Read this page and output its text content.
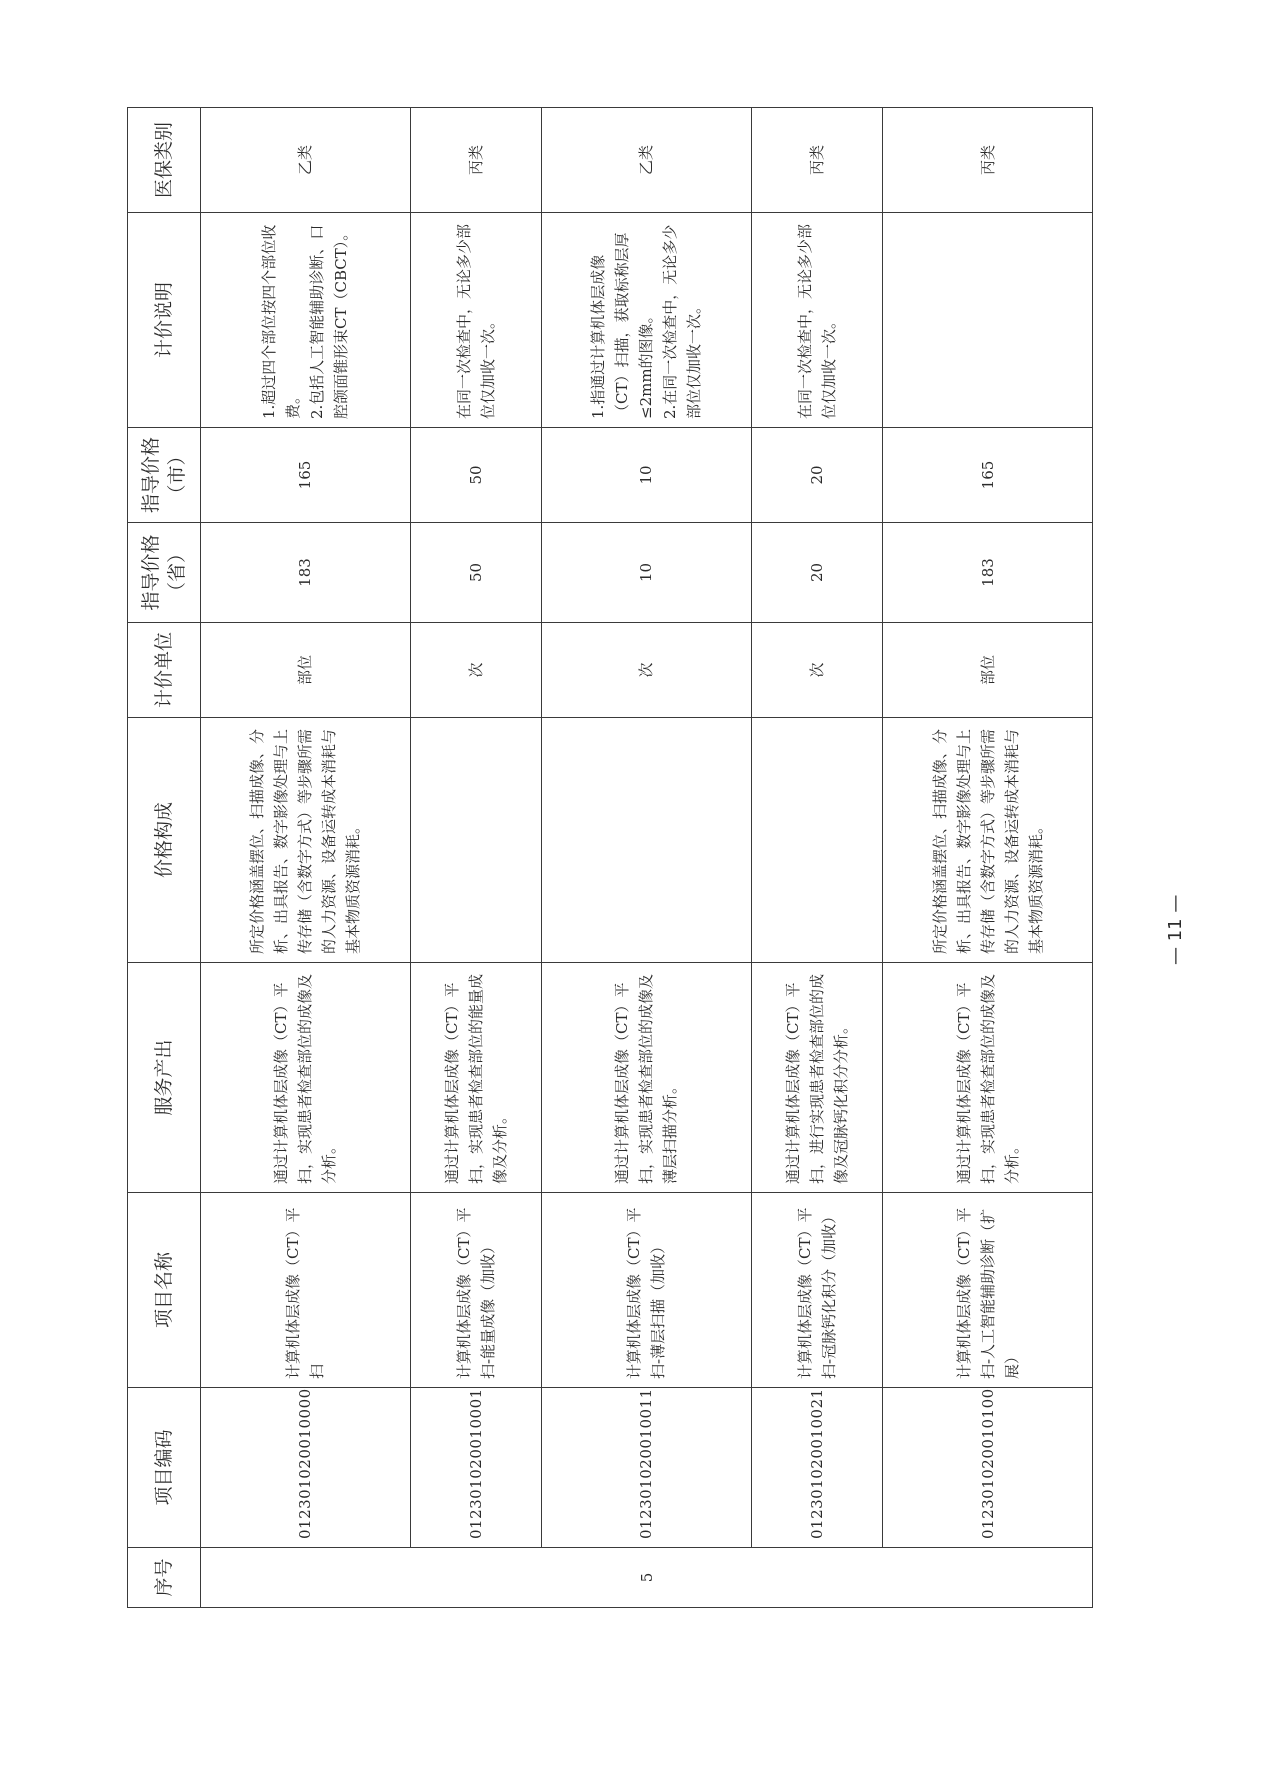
序号	项目编码	项目名称	服务产出	价格构成	计价单位	指导价格（省）	指导价格（市）	计价说明	医保类别
5	012301020010000	计算机体层成像（CT）平扫	通过计算机体层成像（CT）平扫，实现患者检查部位的成像及分析。	所定价格涵盖摆位、扫描成像、分析、出具报告、数字影像处理与上传存储（含数字方式）等步骤所需的人力资源、设备运转成本消耗与基本物质资源消耗。	部位	183	165	1.超过四个部位按四个部位收费。 2.包括人工智能辅助诊断、口腔颌面锥形束CT（CBCT）。	乙类
	012301020010001	计算机体层成像（CT）平扫-能量成像（加收）	通过计算机体层成像（CT）平扫，实现患者检查部位的能量成像及分析。		次	50	50	在同一次检查中，无论多少部位仅加收一次。	丙类
	012301020010011	计算机体层成像（CT）平扫-薄层扫描（加收）	通过计算机体层成像（CT）平扫，实现患者检查部位的成像及薄层扫描分析。		次	10	10	1.指通过计算机体层成像（CT）扫描，获取标称层厚≤2mm的图像。 2.在同一次检查中，无论多少部位仅加收一次。	乙类
	012301020010021	计算机体层成像（CT）平扫-冠脉钙化积分（加收）	通过计算机体层成像（CT）平扫，进行实现患者检查部位的成像及冠脉钙化积分分析。		次	20	20	在同一次检查中，无论多少部位仅加收一次。	丙类
	012301020010100	计算机体层成像（CT）平扫-人工智能辅助诊断（扩展）	通过计算机体层成像（CT）平扫，实现患者检查部位的成像及分析。	所定价格涵盖摆位、扫描成像、分析、出具报告、数字影像处理与上传存储（含数字方式）等步骤所需的人力资源、设备运转成本消耗与基本物质资源消耗。	部位	183	165		丙类
— 11 —
